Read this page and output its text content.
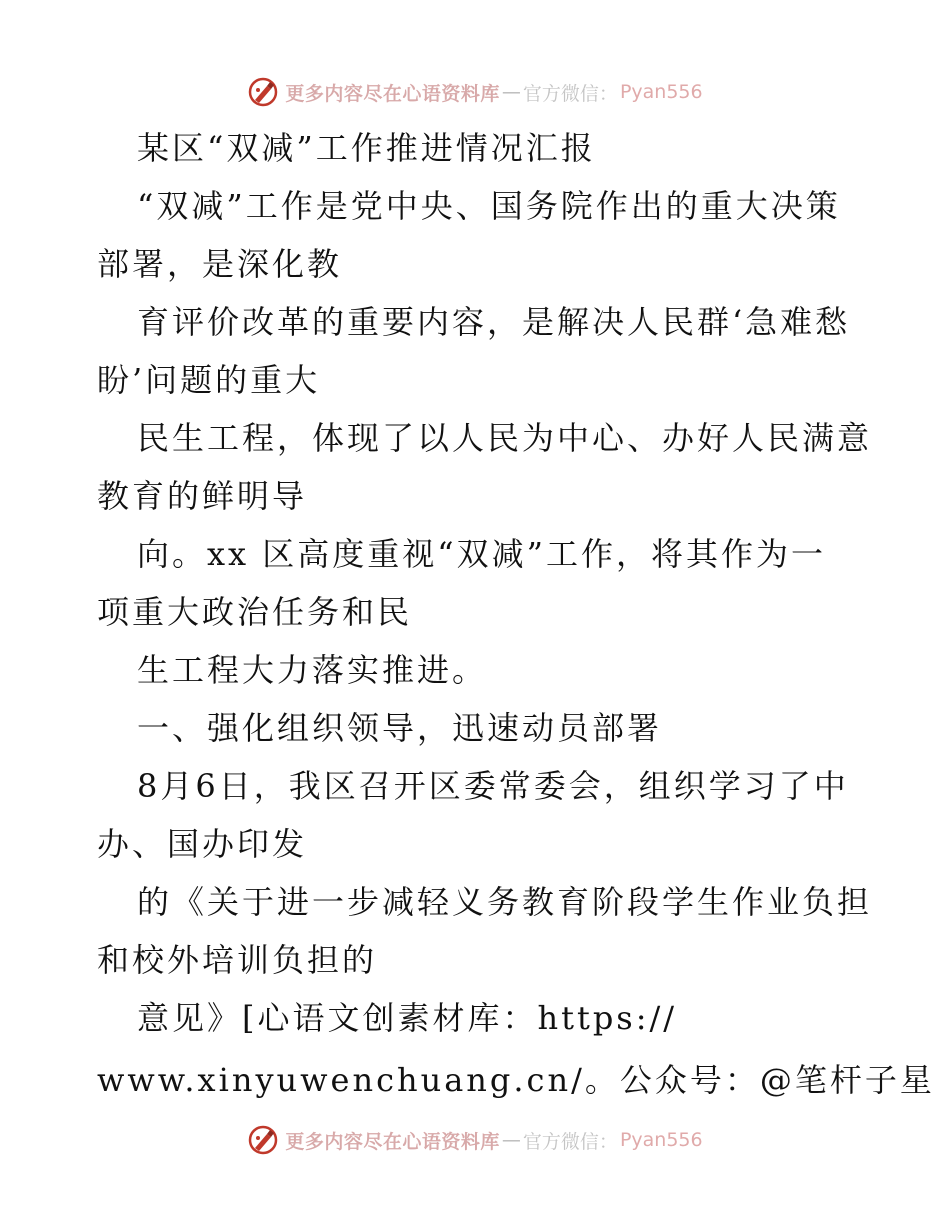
更多内容尽在心语资料库 — 官方微信： Pyan556
某区“双减”工作推进情况汇报
“双减”工作是党中央、国务院作出的重大决策
部署，是深化教
育评价改革的重要内容，是解决人民群‘急难愁
盼’问题的重大
民生工程，体现了以人民为中心、办好人民满意
教育的鲜明导
向。xx 区高度重视“双减”工作，将其作为一
项重大政治任务和民
生工程大力落实推进。
一、强化组织领导，迅速动员部署
8月6日，我区召开区委常委会，组织学习了中
办、国办印发
的《关于进一步减轻义务教育阶段学生作业负担
和校外培训负担的
意见》[心语文创素材库：https://
www.xinyuwenchuang.cn/。公众号：@笔杆子星
更多内容尽在心语资料库 — 官方微信： Pyan556
